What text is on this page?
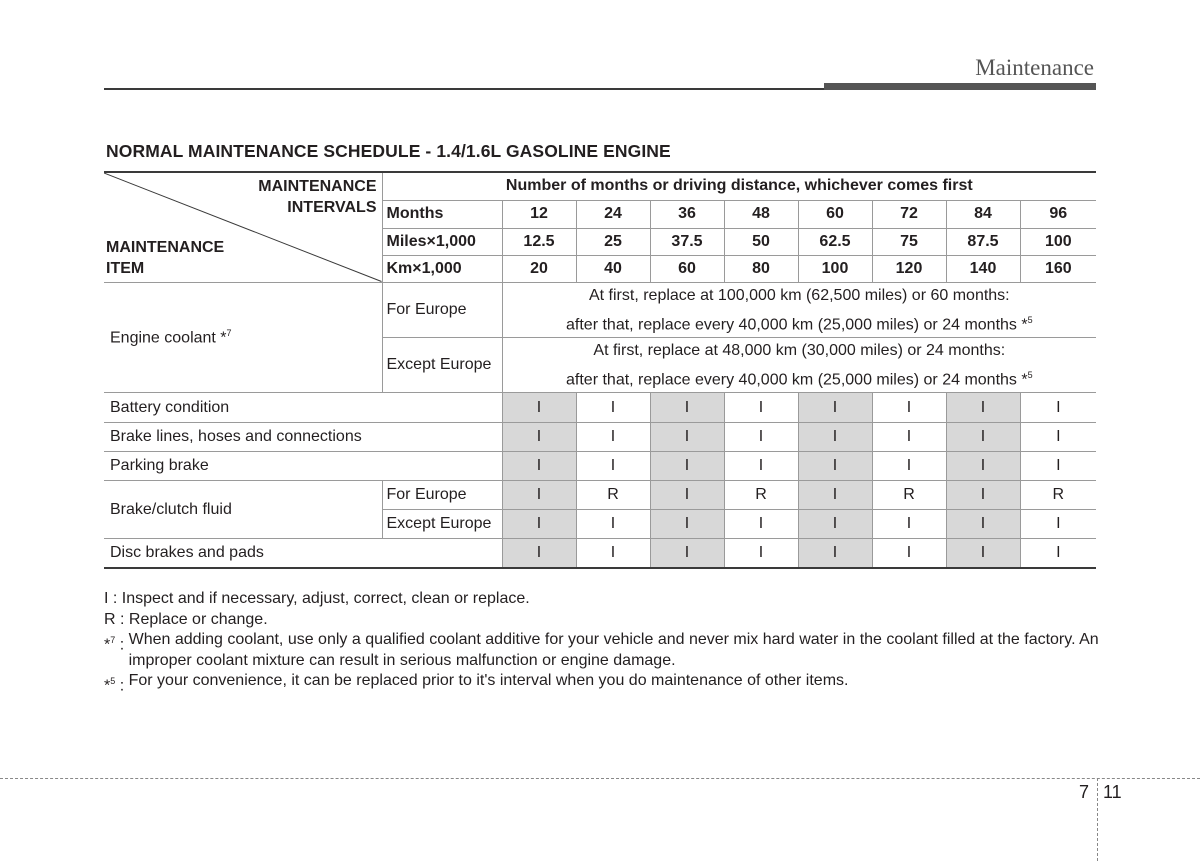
Maintenance
NORMAL MAINTENANCE SCHEDULE - 1.4/1.6L GASOLINE ENGINE
MAINTENANCE
INTERVALS
MAINTENANCE
ITEM	Number of months or driving distance, whichever comes first								
	Months	12	24	36	48	60	72	84	96
	Miles×1,000	12.5	25	37.5	50	62.5	75	87.5	100
	Km×1,000	20	40	60	80	100	120	140	160
Engine coolant *$^7$	For Europe	At first, replace at 100,000 km (62,500 miles) or 60 months:
after that, replace every 40,000 km (25,000 miles) or 24 months *$^5$

	Except Europe	At first, replace at 48,000 km (30,000 miles) or 24 months:
after that, replace every 40,000 km (25,000 miles) or 24 months *$^5$

Battery condition		I	I	I	I	I	I	I	I
Brake lines, hoses and connections		I	I	I	I	I	I	I	I
Parking brake		I	I	I	I	I	I	I	I
Brake/clutch fluid	For Europe	I	R	I	R	I	R	I	R
	Except Europe	I	I	I	I	I	I	I	I
Disc brakes and pads		I	I	I	I	I	I	I	I
I : Inspect and if necessary, adjust, correct, clean or replace.
R : Replace or change.
*$^7$ : When adding coolant, use only a qualified coolant additive for your vehicle and never mix hard water in the coolant filled at the factory. An improper coolant mixture can result in serious malfunction or engine damage.
*$^5$ : For your convenience, it can be replaced prior to it's interval when you do maintenance of other items.
7 11
